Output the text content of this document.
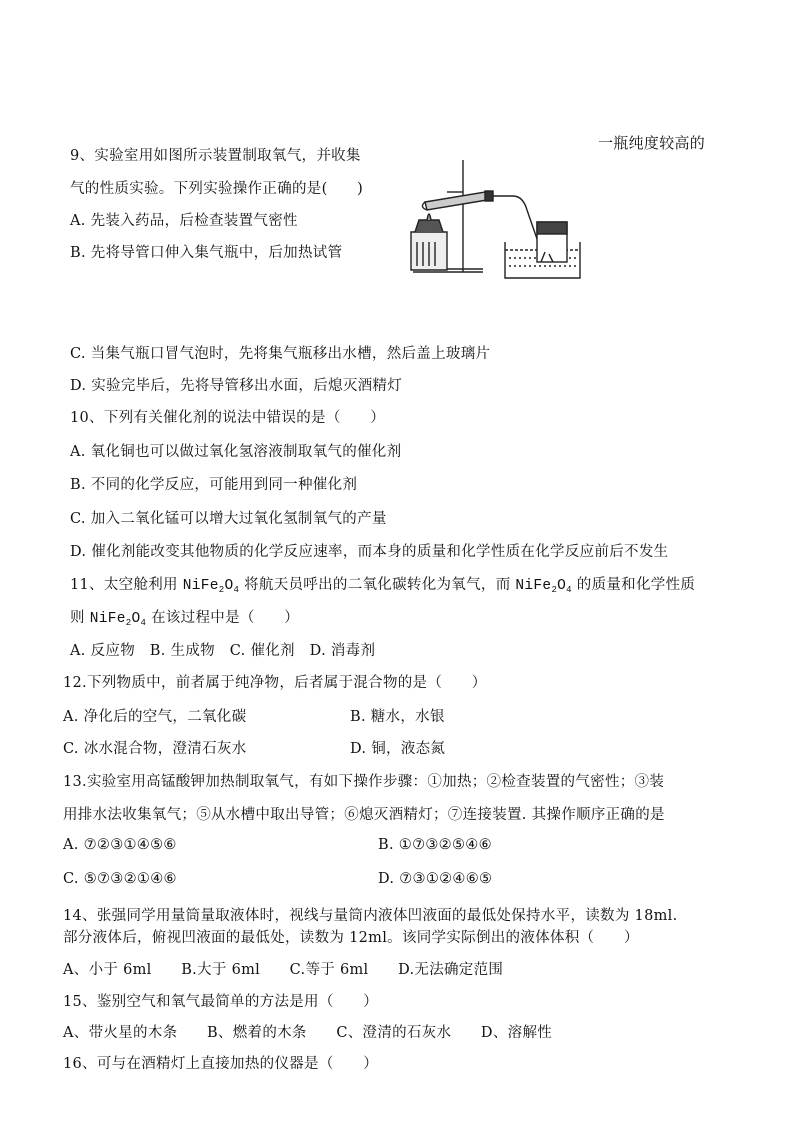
一瓶纯度较高的
9、实验室用如图所示装置制取氧气，并收集
气的性质实验。下列实验操作正确的是(　　)
A. 先装入药品，后检查装置气密性
B. 先将导管口伸入集气瓶中，后加热试管
C. 当集气瓶口冒气泡时，先将集气瓶移出水槽，然后盖上玻璃片
D. 实验完毕后，先将导管移出水面，后熄灭酒精灯
10、下列有关催化剂的说法中错误的是（　　）
A. 氧化铜也可以做过氧化氢溶液制取氧气的催化剂
B. 不同的化学反应，可能用到同一种催化剂
C. 加入二氧化锰可以增大过氧化氢制氧气的产量
D. 催化剂能改变其他物质的化学反应速率，而本身的质量和化学性质在化学反应前后不发生
11、太空舱利用 $NiFe_2O_4$ 将航天员呼出的二氧化碳转化为氧气，而 $NiFe_2O_4$ 的质量和化学性质
则 $NiFe_2O_4$ 在该过程中是（　　）
A. 反应物　B. 生成物　C. 催化剂　D. 消毒剂
12.下列物质中，前者属于纯净物，后者属于混合物的是（　　）
A. 净化后的空气，二氧化碳	B. 糖水，水银
C. 冰水混合物，澄清石灰水	D. 铜，液态氮
13.实验室用高锰酸钾加热制取氧气，有如下操作步骤：①加热；②检查装置的气密性；③装
用排水法收集氧气；⑤从水槽中取出导管；⑥熄灭酒精灯；⑦连接装置. 其操作顺序正确的是
A. ⑦②③①④⑤⑥	B. ①⑦③②⑤④⑥
C. ⑤⑦③②①④⑥	D. ⑦③①②④⑥⑤
14、张强同学用量筒量取液体时，视线与量筒内液体凹液面的最低处保持水平，读数为 18ml.
部分液体后，俯视凹液面的最低处，读数为 12ml。该同学实际倒出的液体体积（　　）
A、小于 6ml　　B.大于 6ml　　C.等于 6ml　　D.无法确定范围
15、鉴别空气和氧气最简单的方法是用（　　）
A、带火星的木条　　B、燃着的木条　　C、澄清的石灰水　　D、溶解性
16、可与在酒精灯上直接加热的仪器是（　　）
